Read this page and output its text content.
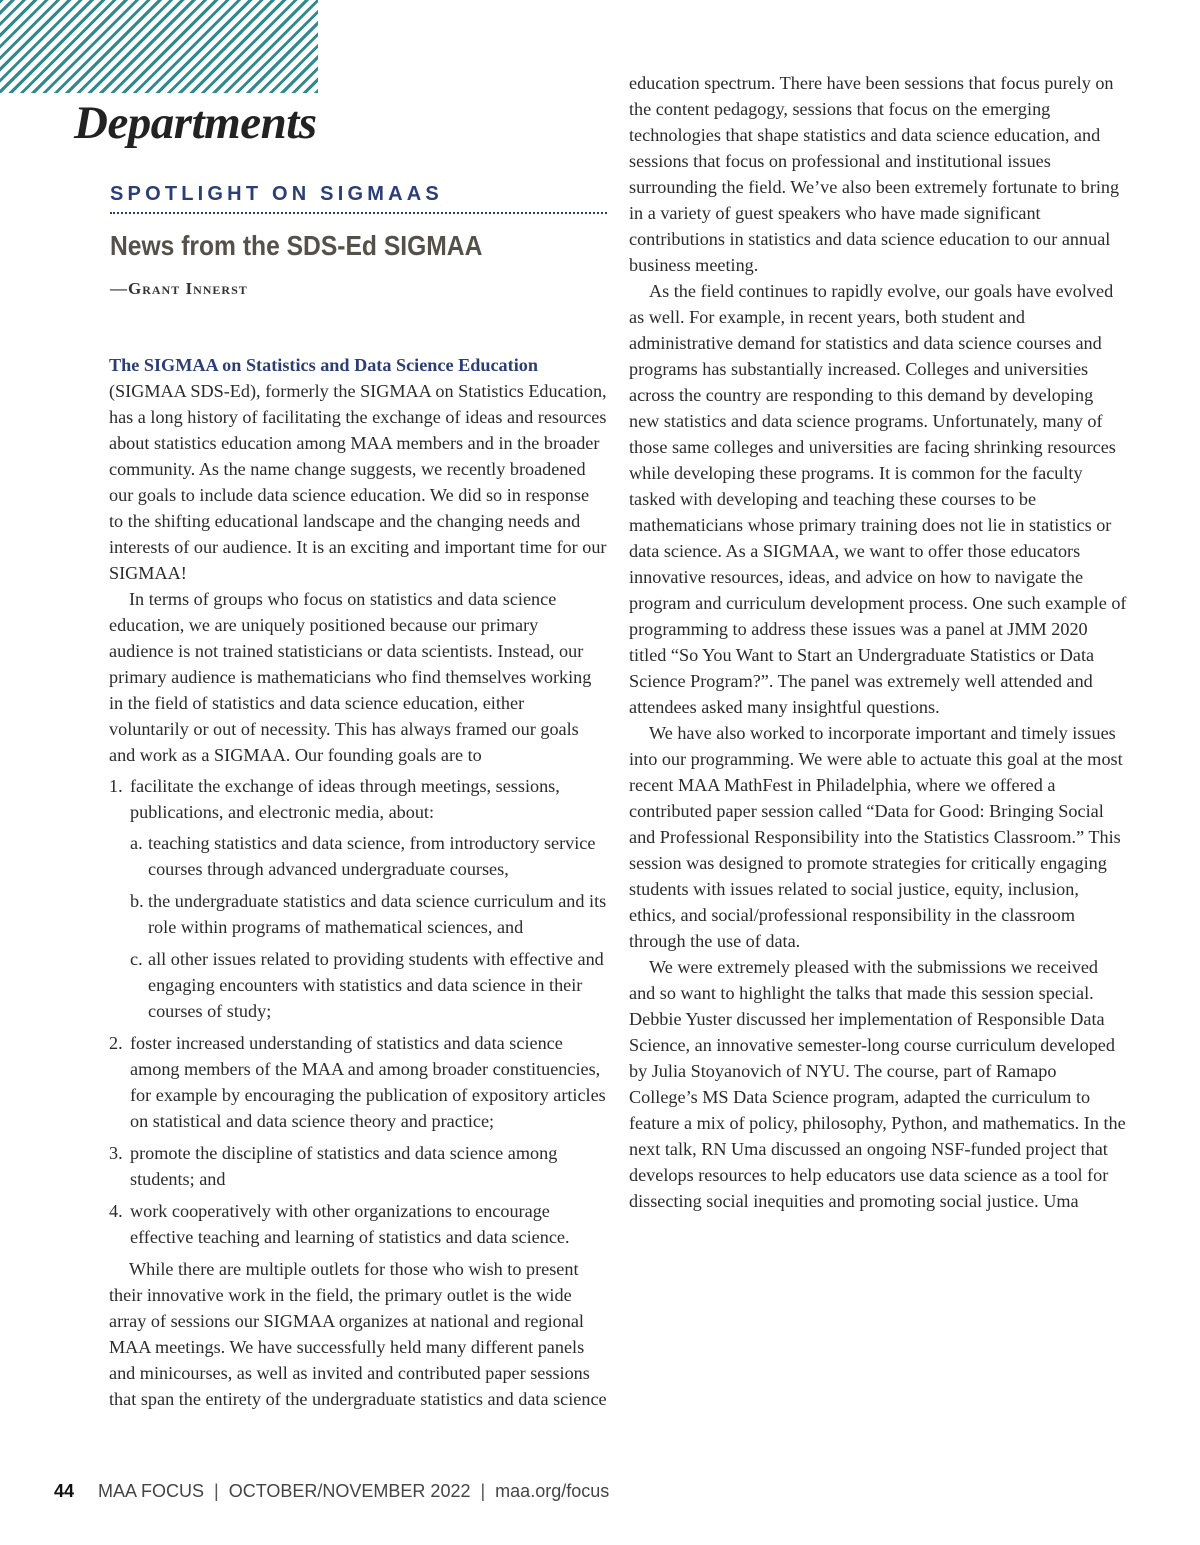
Departments
SPOTLIGHT ON SIGMAAS
News from the SDS-Ed SIGMAA
—Grant Innerst

The SIGMAA on Statistics and Data Science Education
(SIGMAA SDS-Ed), formerly the SIGMAA on Statistics Education, has a long history of facilitating the exchange of ideas and resources about statistics education among MAA members and in the broader community. As the name change suggests, we recently broadened our goals to include data science education. We did so in response to the shifting educational landscape and the changing needs and interests of our audience. It is an exciting and important time for our SIGMAA!

In terms of groups who focus on statistics and data science education, we are uniquely positioned because our primary audience is not trained statisticians or data scientists. Instead, our primary audience is mathematicians who find themselves working in the field of statistics and data science education, either voluntarily or out of necessity. This has always framed our goals and work as a SIGMAA. Our founding goals are to

1. facilitate the exchange of ideas through meetings, sessions, publications, and electronic media, about:
a. teaching statistics and data science, from introductory service courses through advanced undergraduate courses,
b. the undergraduate statistics and data science curriculum and its role within programs of mathematical sciences, and
c. all other issues related to providing students with effective and engaging encounters with statistics and data science in their courses of study;
2. foster increased understanding of statistics and data science among members of the MAA and among broader constituencies, for example by encouraging the publication of expository articles on statistical and data science theory and practice;
3. promote the discipline of statistics and data science among students; and
4. work cooperatively with other organizations to encourage effective teaching and learning of statistics and data science.

While there are multiple outlets for those who wish to present their innovative work in the field, the primary outlet is the wide array of sessions our SIGMAA organizes at national and regional MAA meetings. We have successfully held many different panels and minicourses, as well as invited and contributed paper sessions that span the entirety of the undergraduate statistics and data science

education spectrum. There have been sessions that focus purely on the content pedagogy, sessions that focus on the emerging technologies that shape statistics and data science education, and sessions that focus on professional and institutional issues surrounding the field. We’ve also been extremely fortunate to bring in a variety of guest speakers who have made significant contributions in statistics and data science education to our annual business meeting.

As the field continues to rapidly evolve, our goals have evolved as well. For example, in recent years, both student and administrative demand for statistics and data science courses and programs has substantially increased. Colleges and universities across the country are responding to this demand by developing new statistics and data science programs. Unfortunately, many of those same colleges and universities are facing shrinking resources while developing these programs. It is common for the faculty tasked with developing and teaching these courses to be mathematicians whose primary training does not lie in statistics or data science. As a SIGMAA, we want to offer those educators innovative resources, ideas, and advice on how to navigate the program and curriculum development process. One such example of programming to address these issues was a panel at JMM 2020 titled “So You Want to Start an Undergraduate Statistics or Data Science Program?”. The panel was extremely well attended and attendees asked many insightful questions.

We have also worked to incorporate important and timely issues into our programming. We were able to actuate this goal at the most recent MAA MathFest in Philadelphia, where we offered a contributed paper session called “Data for Good: Bringing Social and Professional Responsibility into the Statistics Classroom.” This session was designed to promote strategies for critically engaging students with issues related to social justice, equity, inclusion, ethics, and social/professional responsibility in the classroom through the use of data.

We were extremely pleased with the submissions we received and so want to highlight the talks that made this session special. Debbie Yuster discussed her implementation of Responsible Data Science, an innovative semester-long course curriculum developed by Julia Stoyanovich of NYU. The course, part of Ramapo College’s MS Data Science program, adapted the curriculum to feature a mix of policy, philosophy, Python, and mathematics. In the next talk, RN Uma discussed an ongoing NSF-funded project that develops resources to help educators use data science as a tool for dissecting social inequities and promoting social justice. Uma

44 MAA FOCUS | OCTOBER/NOVEMBER 2022 | maa.org/focus
